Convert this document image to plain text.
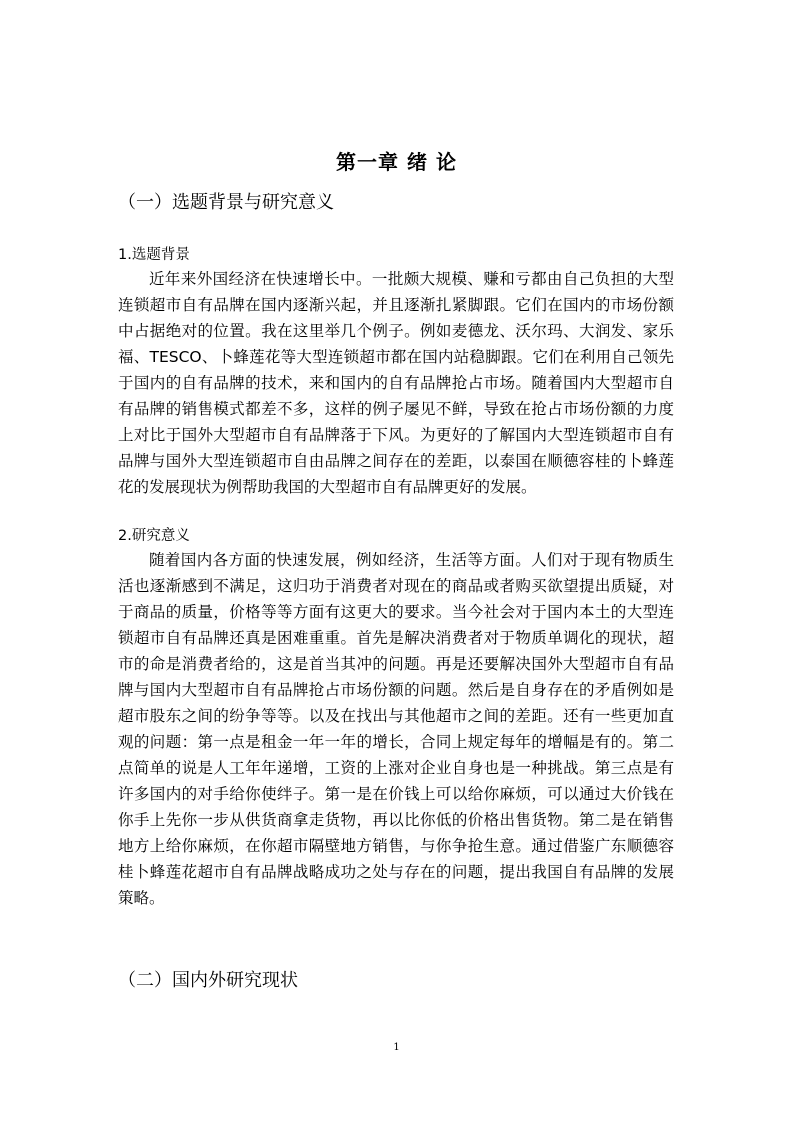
第一章 绪 论
（一）选题背景与研究意义
1.选题背景
近年来外国经济在快速增长中。一批颇大规模、赚和亏都由自己负担的大型
连锁超市自有品牌在国内逐渐兴起，并且逐渐扎紧脚跟。它们在国内的市场份额
中占据绝对的位置。我在这里举几个例子。例如麦德龙、沃尔玛、大润发、家乐
福、TESCO、卜蜂莲花等大型连锁超市都在国内站稳脚跟。它们在利用自己领先
于国内的自有品牌的技术，来和国内的自有品牌抢占市场。随着国内大型超市自
有品牌的销售模式都差不多，这样的例子屡见不鲜，导致在抢占市场份额的力度
上对比于国外大型超市自有品牌落于下风。为更好的了解国内大型连锁超市自有
品牌与国外大型连锁超市自由品牌之间存在的差距，以泰国在顺德容桂的卜蜂莲
花的发展现状为例帮助我国的大型超市自有品牌更好的发展。
2.研究意义
随着国内各方面的快速发展，例如经济，生活等方面。人们对于现有物质生
活也逐渐感到不满足，这归功于消费者对现在的商品或者购买欲望提出质疑，对
于商品的质量，价格等等方面有这更大的要求。当今社会对于国内本土的大型连
锁超市自有品牌还真是困难重重。首先是解决消费者对于物质单调化的现状，超
市的命是消费者给的，这是首当其冲的问题。再是还要解决国外大型超市自有品
牌与国内大型超市自有品牌抢占市场份额的问题。然后是自身存在的矛盾例如是
超市股东之间的纷争等等。以及在找出与其他超市之间的差距。还有一些更加直
观的问题：第一点是租金一年一年的增长，合同上规定每年的增幅是有的。第二
点简单的说是人工年年递增，工资的上涨对企业自身也是一种挑战。第三点是有
许多国内的对手给你使绊子。第一是在价钱上可以给你麻烦，可以通过大价钱在
你手上先你一步从供货商拿走货物，再以比你低的价格出售货物。第二是在销售
地方上给你麻烦，在你超市隔壁地方销售，与你争抢生意。通过借鉴广东顺德容
桂卜蜂莲花超市自有品牌战略成功之处与存在的问题，提出我国自有品牌的发展
策略。
（二）国内外研究现状
1
